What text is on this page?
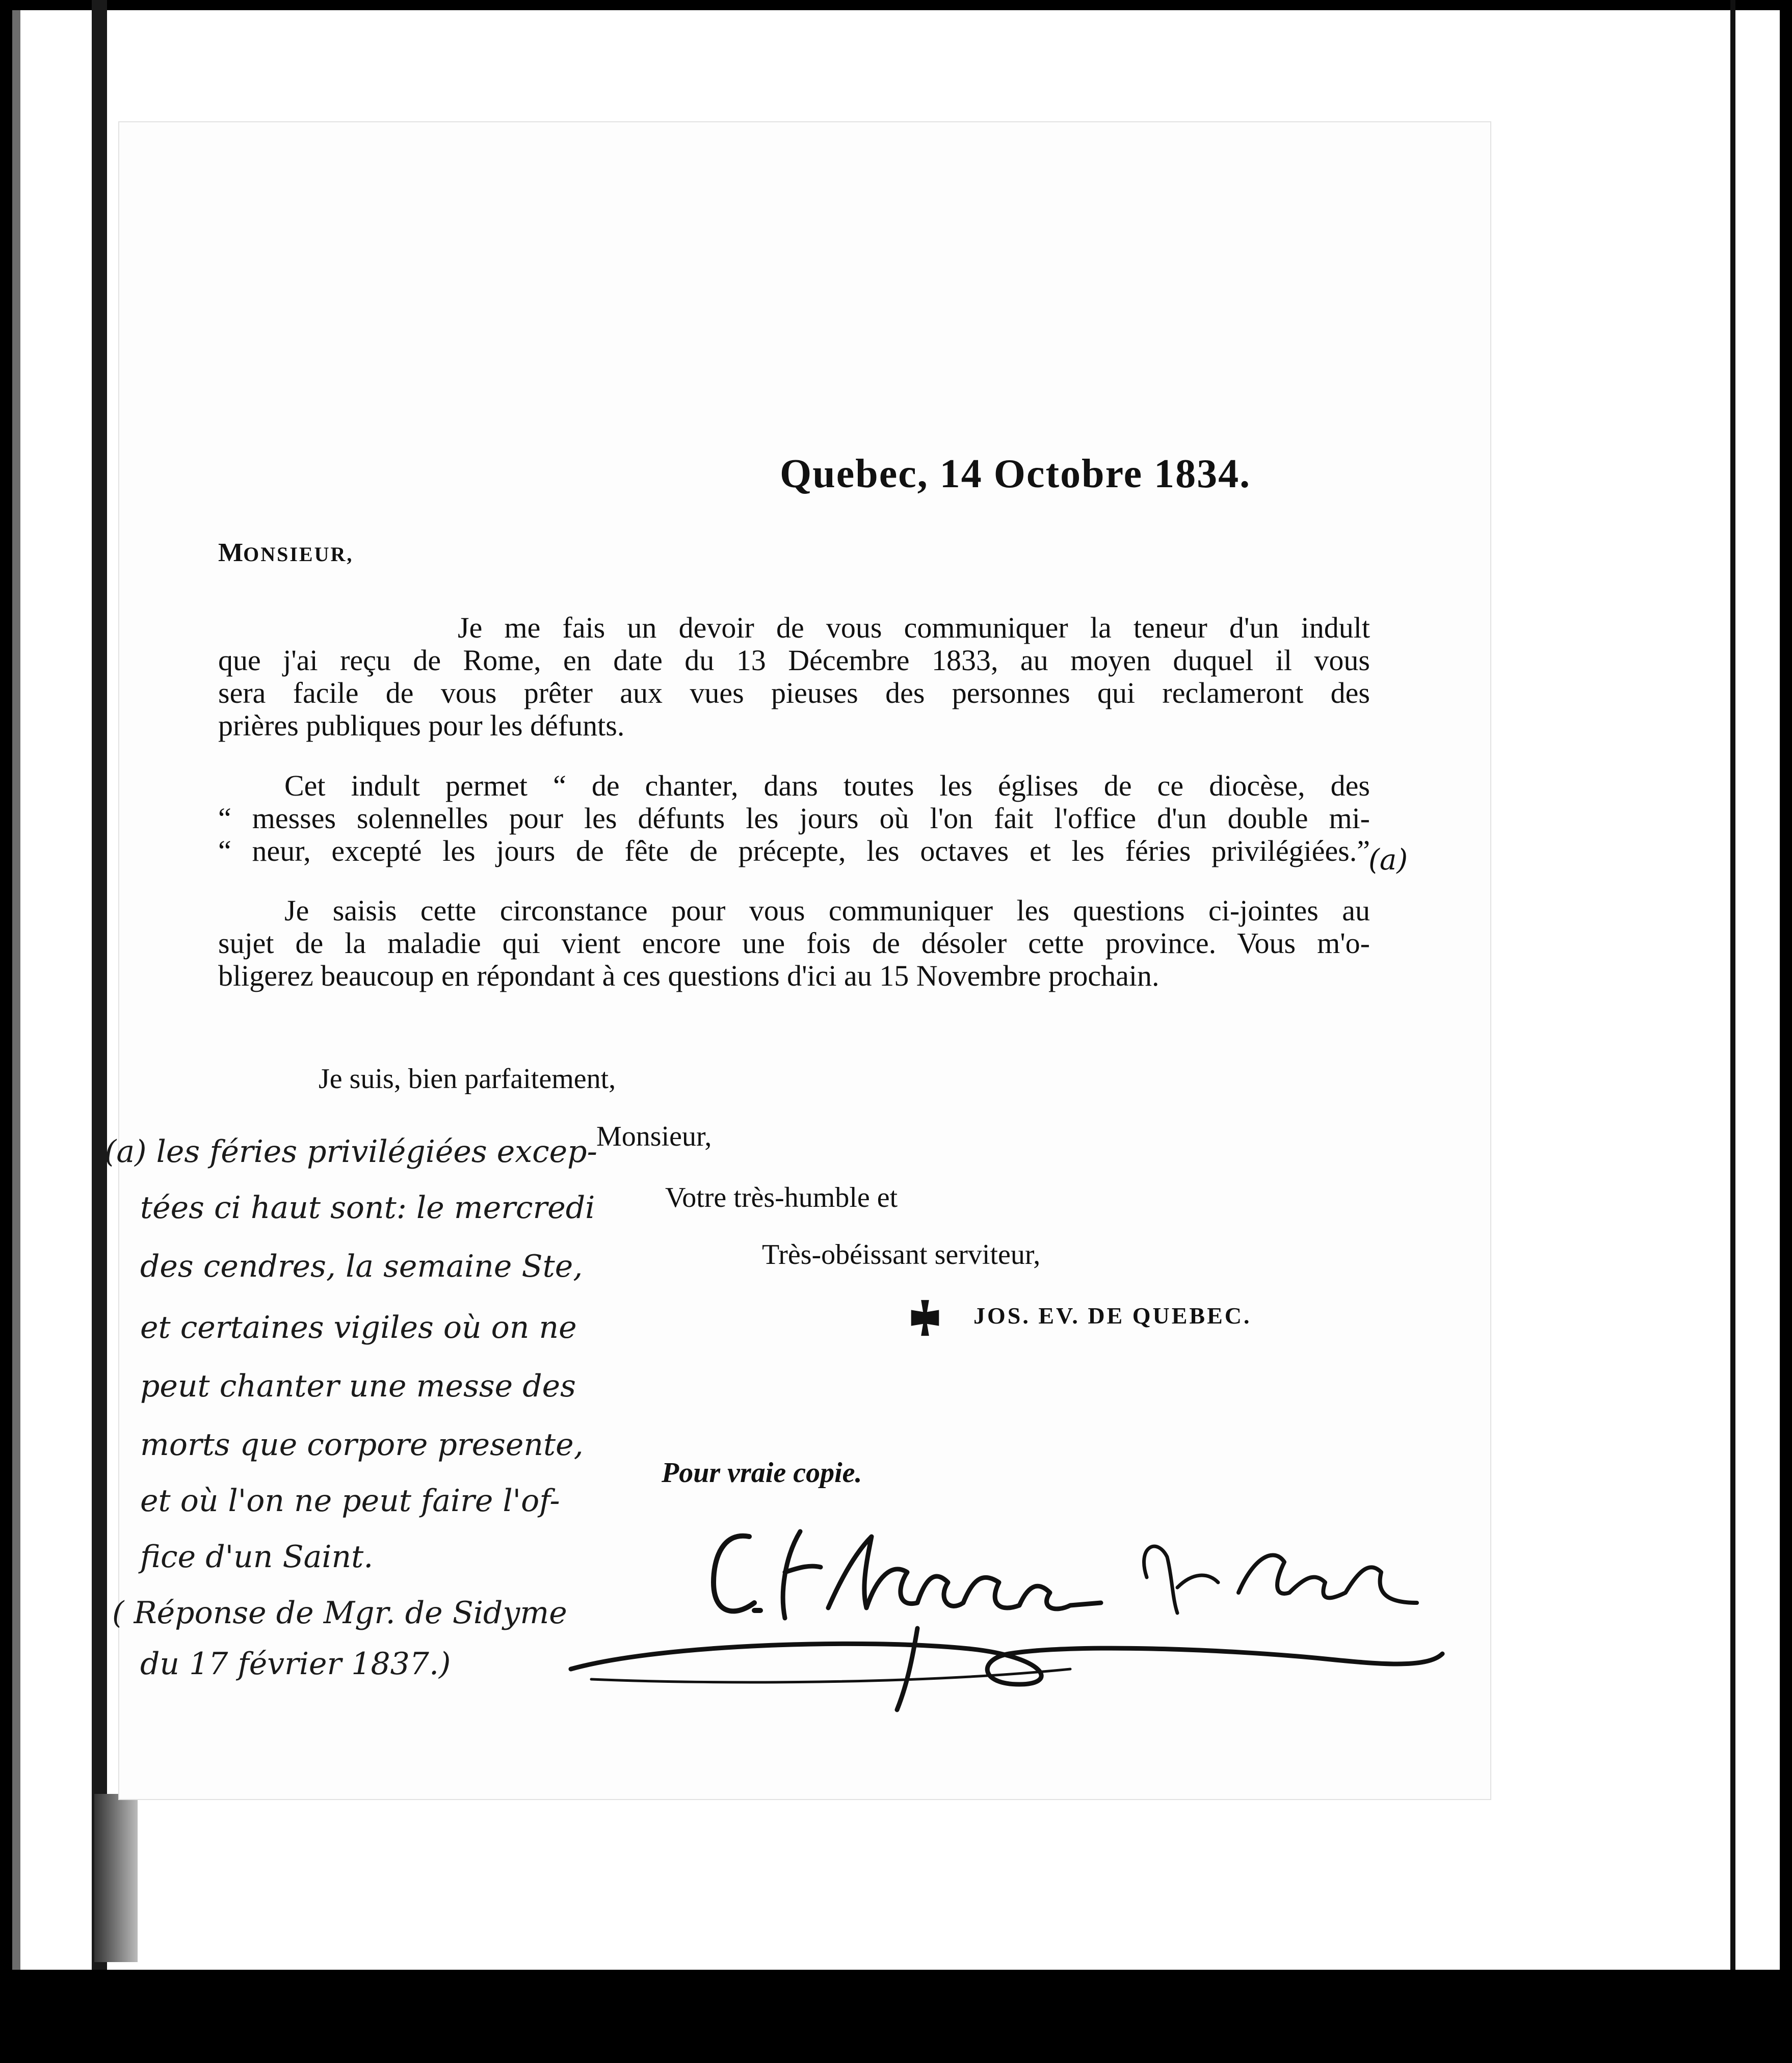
Quebec, 14 Octobre 1834.
MONSIEUR,
Je me fais un devoir de vous communiquer la teneur d'un indult
que j'ai reçu de Rome, en date du 13 Décembre 1833, au moyen duquel il vous
sera facile de vous prêter aux vues pieuses des personnes qui reclameront des
prières publiques pour les défunts.
Cet indult permet “ de chanter, dans toutes les églises de ce diocèse, des
“ messes solennelles pour les défunts les jours où l'on fait l'office d'un double mi-
“ neur, excepté les jours de fête de précepte, les octaves et les féries privilégiées.”
(a)
Je saisis cette circonstance pour vous communiquer les questions ci-jointes au
sujet de la maladie qui vient encore une fois de désoler cette province. Vous m'o-
bligerez beaucoup en répondant à ces questions d'ici au 15 Novembre prochain.
Je suis, bien parfaitement,
Monsieur,
Votre très-humble et
Très-obéissant serviteur,
JOS. EV. DE QUEBEC.
Pour vraie copie.
(a) les féries privilégiées excep-
tées ci haut sont: le mercredi
des cendres, la semaine Ste,
et certaines vigiles où on ne
peut chanter une messe des
morts que corpore presente,
et où l'on ne peut faire l'of-
fice d'un Saint.
( Réponse de Mgr. de Sidyme
du 17 février 1837.)
